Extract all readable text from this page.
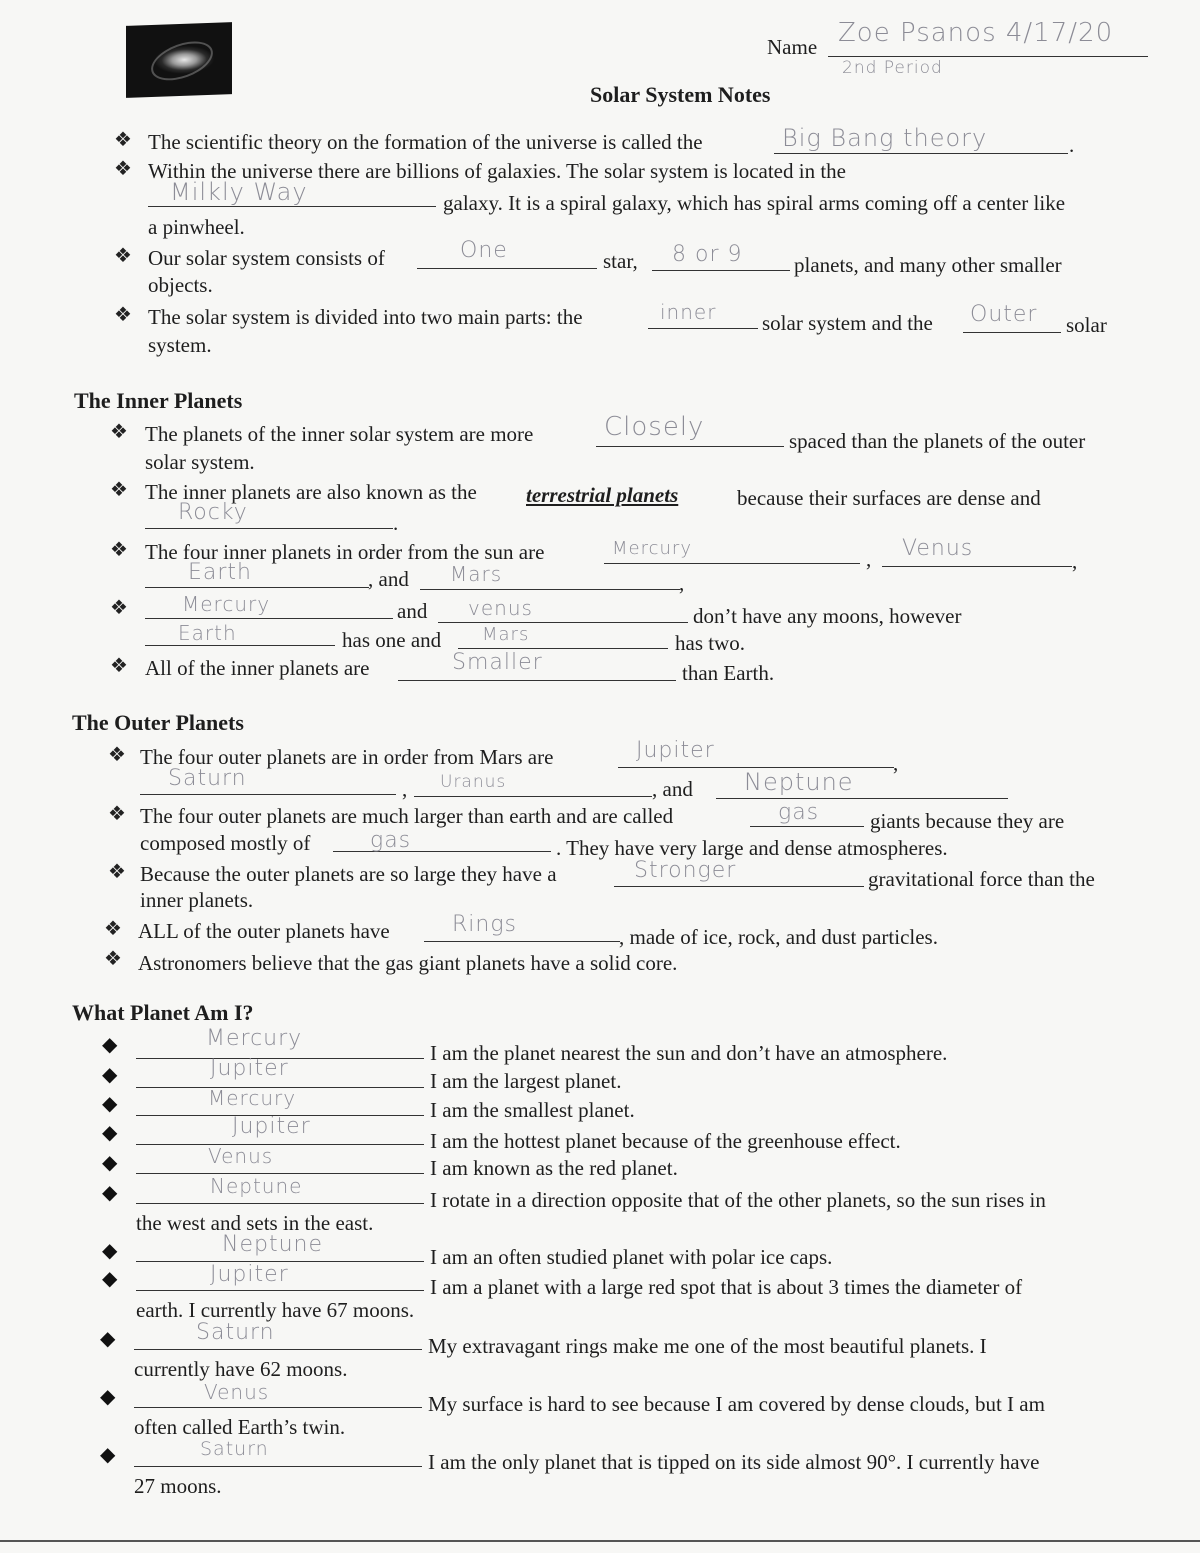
Name Zoe Psanos 4/17/20
2nd Period
Solar System Notes
❖ The scientific theory on the formation of the universe is called the	Big Bang theory	.
❖ Within the universe there are billions of galaxies. The solar system is located in the
Milkly Way	galaxy. It is a spiral galaxy, which has spiral arms coming off a center like
a pinwheel.
❖ Our solar system consists of	One	star, 8 or 9 planets, and many other smaller
objects.
❖ The solar system is divided into two main parts: the	inner solar system and the Outer solar
system.
The Inner Planets
❖ The planets of the inner solar system are more	Closely	spaced than the planets of the outer
solar system.
❖ The inner planets are also known as the terrestrial planets	because their surfaces are dense and
Rocky	.
❖ The four inner planets in order from the sun are	Mercury	, Venus	,
Earth	, and Mars	,
❖	Mercury	and venus	don’t have any moons, however
Earth	has one and Mars	has two.
❖ All of the inner planets are	Smaller	than Earth.
The Outer Planets
❖ The four outer planets are in order from Mars are	Jupiter	,
Saturn	, Uranus	, and Neptune
❖ The four outer planets are much larger than earth and are called	gas giants because they are
composed mostly of	gas	. They have very large and dense atmospheres.
❖ Because the outer planets are so large they have a	Stronger	gravitational force than the
inner planets.
❖ ALL of the outer planets have	Rings	, made of ice, rock, and dust particles.
❖ Astronomers believe that the gas giant planets have a solid core.
What Planet Am I?
◆	Mercury
I am the planet nearest the sun and don’t have an atmosphere.
◆	Jupiter	I am the largest planet.
◆	Mercury	I am the smallest planet.
◆	Jupiter
I am the hottest planet because of the greenhouse effect.
◆	Venus	I am known as the red planet.
◆	Neptune
I rotate in a direction opposite that of the other planets, so the sun rises in
the west and sets in the east.
◆	Neptune	I am an often studied planet with polar ice caps.
◆	Jupiter	I am a planet with a large red spot that is about 3 times the diameter of
earth. I currently have 67 moons.
◆	Saturn
My extravagant rings make me one of the most beautiful planets. I
currently have 62 moons.
◆	Venus	My surface is hard to see because I am covered by dense clouds, but I am
often called Earth’s twin.
◆	Saturn
I am the only planet that is tipped on its side almost 90°. I currently have
27 moons.
